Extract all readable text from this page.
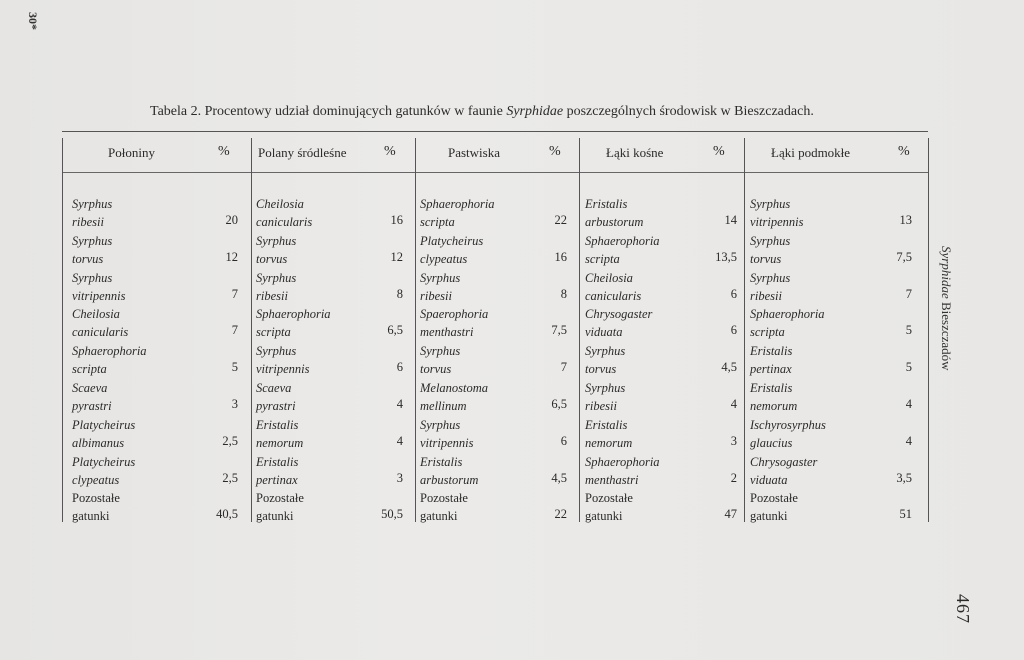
30*
Tabela 2. Procentowy udział dominujących gatunków w faunie Syrphidae poszczególnych środowisk w Bieszczadach.
Syrphidae Bieszczadów
467
Połoniny	%
Syrphus
ribesii	20
Syrphus
torvus	12
Syrphus
vitripennis	7
Cheilosia
canicularis	7
Sphaerophoria
scripta	5
Scaeva
pyrastri	3
Platycheirus
albimanus	2,5
Platycheirus
clypeatus	2,5
Pozostałe
gatunki	40,5
Polany śródleśne	%
Cheilosia
canicularis	16
Syrphus
torvus	12
Syrphus
ribesii	8
Sphaerophoria
scripta	6,5
Syrphus
vitripennis	6
Scaeva
pyrastri	4
Eristalis
nemorum	4
Eristalis
pertinax	3
Pozostałe
gatunki	50,5
Pastwiska	%
Sphaerophoria
scripta	22
Platycheirus
clypeatus	16
Syrphus
ribesii	8
Spaerophoria
menthastri	7,5
Syrphus
torvus	7
Melanostoma
mellinum	6,5
Syrphus
vitripennis	6
Eristalis
arbustorum	4,5
Pozostałe
gatunki	22
Łąki kośne	%
Eristalis
arbustorum	14
Sphaerophoria
scripta	13,5
Cheilosia
canicularis	6
Chrysogaster
viduata	6
Syrphus
torvus	4,5
Syrphus
ribesii	4
Eristalis
nemorum	3
Sphaerophoria
menthastri	2
Pozostałe
gatunki	47
Łąki podmokłe	%
Syrphus
vitripennis	13
Syrphus
torvus	7,5
Syrphus
ribesii	7
Sphaerophoria
scripta	5
Eristalis
pertinax	5
Eristalis
nemorum	4
Ischyrosyrphus
glaucius	4
Chrysogaster
viduata	3,5
Pozostałe
gatunki	51
